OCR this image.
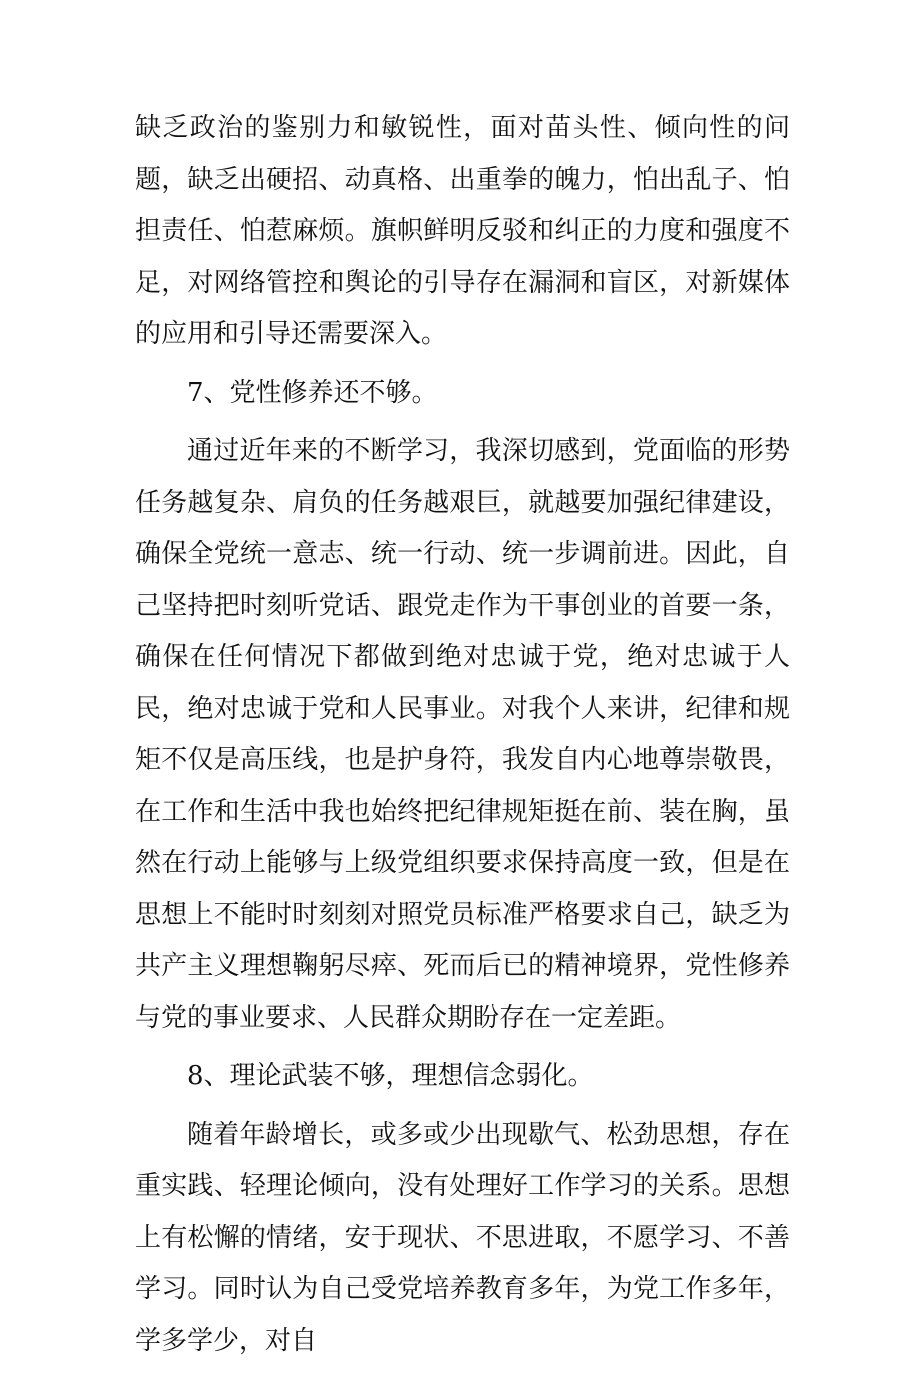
缺乏政治的鉴别力和敏锐性，面对苗头性、倾向性的问题，缺乏出硬招、动真格、出重拳的魄力，怕出乱子、怕担责任、怕惹麻烦。旗帜鲜明反驳和纠正的力度和强度不足，对网络管控和舆论的引导存在漏洞和盲区，对新媒体的应用和引导还需要深入。

7、党性修养还不够。

通过近年来的不断学习，我深切感到，党面临的形势任务越复杂、肩负的任务越艰巨，就越要加强纪律建设，确保全党统一意志、统一行动、统一步调前进。因此，自己坚持把时刻听党话、跟党走作为干事创业的首要一条，确保在任何情况下都做到绝对忠诚于党，绝对忠诚于人民，绝对忠诚于党和人民事业。对我个人来讲，纪律和规矩不仅是高压线，也是护身符，我发自内心地尊崇敬畏，在工作和生活中我也始终把纪律规矩挺在前、装在胸，虽然在行动上能够与上级党组织要求保持高度一致，但是在思想上不能时时刻刻对照党员标准严格要求自己，缺乏为共产主义理想鞠躬尽瘁、死而后已的精神境界，党性修养与党的事业要求、人民群众期盼存在一定差距。

8、理论武装不够，理想信念弱化。

随着年龄增长，或多或少出现歇气、松劲思想，存在重实践、轻理论倾向，没有处理好工作学习的关系。思想上有松懈的情绪，安于现状、不思进取，不愿学习、不善学习。同时认为自己受党培养教育多年，为党工作多年，学多学少，对自
